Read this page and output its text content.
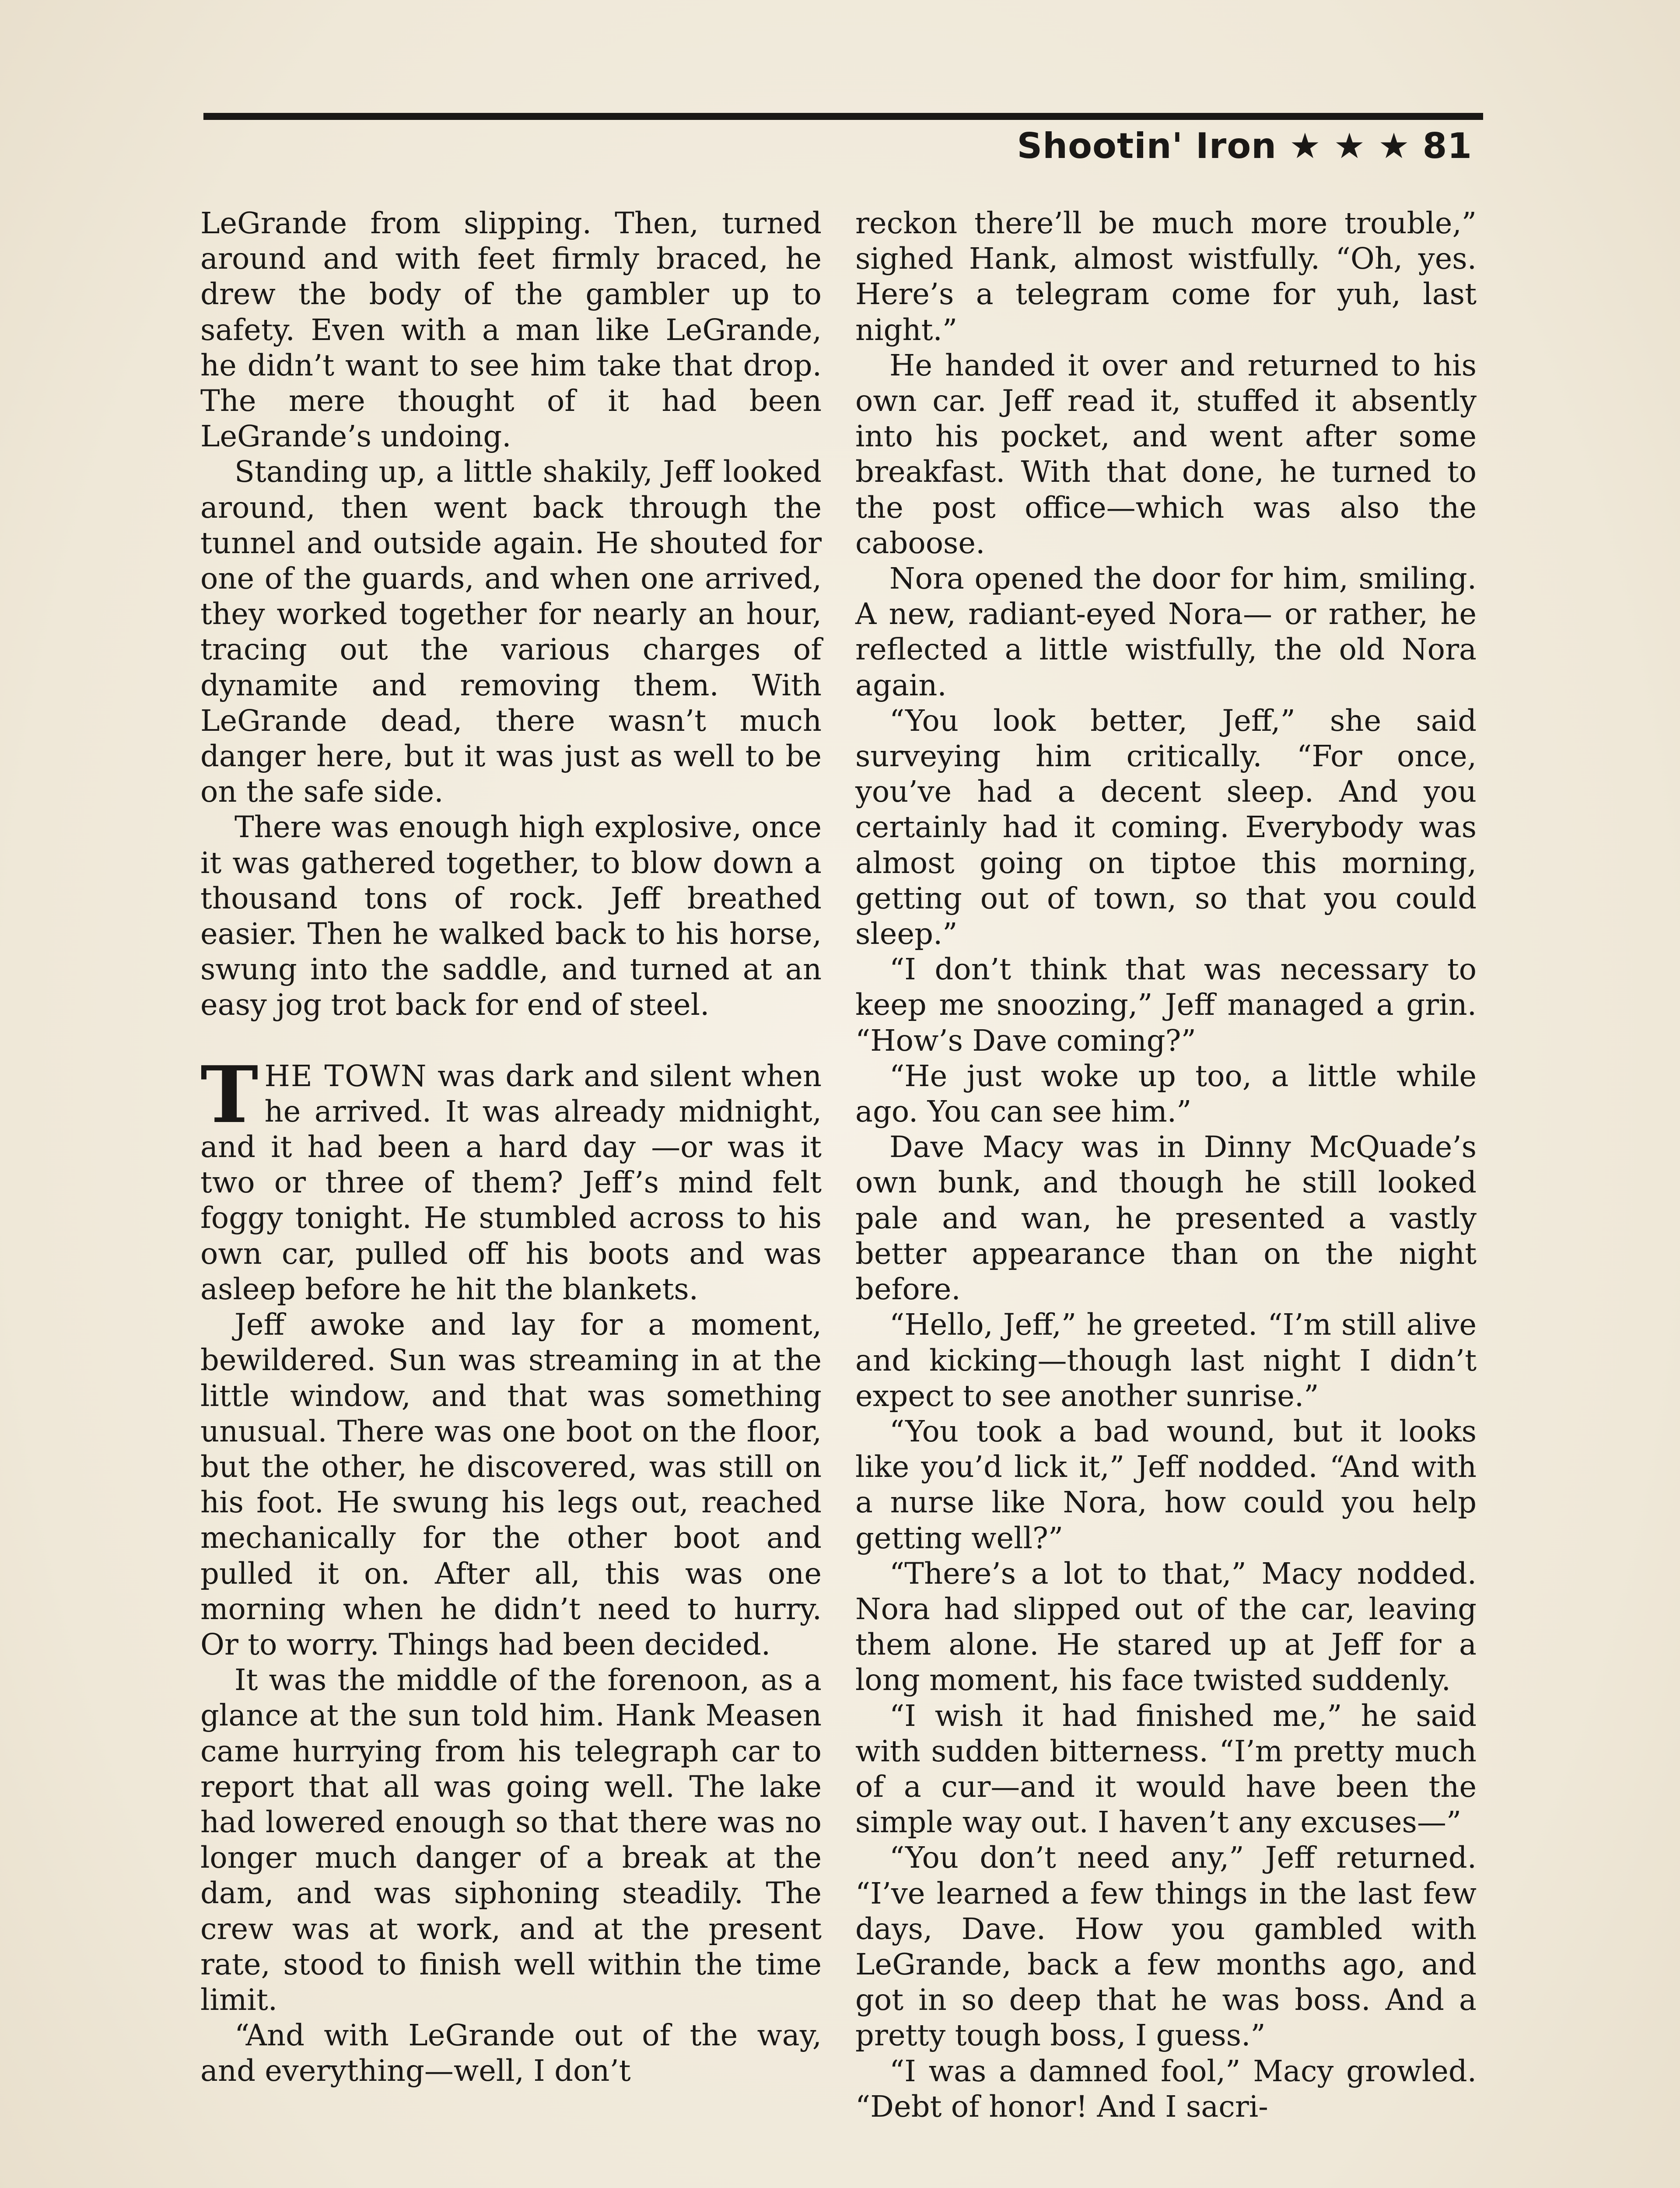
Shootin' Iron ★ ★ ★ 81

LeGrande from slipping. Then, turned around and with feet firmly braced, he drew the body of the gambler up to safety. Even with a man like LeGrande, he didn’t want to see him take that drop. The mere thought of it had been LeGrande’s undoing.

Standing up, a little shakily, Jeff looked around, then went back through the tunnel and outside again. He shouted for one of the guards, and when one arrived, they worked together for nearly an hour, tracing out the various charges of dynamite and removing them. With LeGrande dead, there wasn’t much danger here, but it was just as well to be on the safe side.

There was enough high explosive, once it was gathered together, to blow down a thousand tons of rock. Jeff breathed easier. Then he walked back to his horse, swung into the saddle, and turned at an easy jog trot back for end of steel.

THE TOWN was dark and silent when he arrived. It was already midnight, and it had been a hard day —or was it two or three of them? Jeff’s mind felt foggy tonight. He stumbled across to his own car, pulled off his boots and was asleep before he hit the blankets.

Jeff awoke and lay for a moment, bewildered. Sun was streaming in at the little window, and that was something unusual. There was one boot on the floor, but the other, he discovered, was still on his foot. He swung his legs out, reached mechanically for the other boot and pulled it on. After all, this was one morning when he didn’t need to hurry. Or to worry. Things had been decided.

It was the middle of the forenoon, as a glance at the sun told him. Hank Measen came hurrying from his telegraph car to report that all was going well. The lake had lowered enough so that there was no longer much danger of a break at the dam, and was siphoning steadily. The crew was at work, and at the present rate, stood to finish well within the time limit.

“And with LeGrande out of the way, and everything—well, I don’t

reckon there’ll be much more trouble,” sighed Hank, almost wistfully. “Oh, yes. Here’s a telegram come for yuh, last night.”

He handed it over and returned to his own car. Jeff read it, stuffed it absently into his pocket, and went after some breakfast. With that done, he turned to the post office—which was also the caboose.

Nora opened the door for him, smiling. A new, radiant-eyed Nora— or rather, he reflected a little wistfully, the old Nora again.

“You look better, Jeff,” she said surveying him critically. “For once, you’ve had a decent sleep. And you certainly had it coming. Everybody was almost going on tiptoe this morning, getting out of town, so that you could sleep.”

“I don’t think that was necessary to keep me snoozing,” Jeff managed a grin. “How’s Dave coming?”

“He just woke up too, a little while ago. You can see him.”

Dave Macy was in Dinny McQuade’s own bunk, and though he still looked pale and wan, he presented a vastly better appearance than on the night before.

“Hello, Jeff,” he greeted. “I’m still alive and kicking—though last night I didn’t expect to see another sunrise.”

“You took a bad wound, but it looks like you’d lick it,” Jeff nodded. “And with a nurse like Nora, how could you help getting well?”

“There’s a lot to that,” Macy nodded. Nora had slipped out of the car, leaving them alone. He stared up at Jeff for a long moment, his face twisted suddenly.

“I wish it had finished me,” he said with sudden bitterness. “I’m pretty much of a cur—and it would have been the simple way out. I haven’t any excuses—”

“You don’t need any,” Jeff returned. “I’ve learned a few things in the last few days, Dave. How you gambled with LeGrande, back a few months ago, and got in so deep that he was boss. And a pretty tough boss, I guess.”

“I was a damned fool,” Macy growled. “Debt of honor! And I sacri-
